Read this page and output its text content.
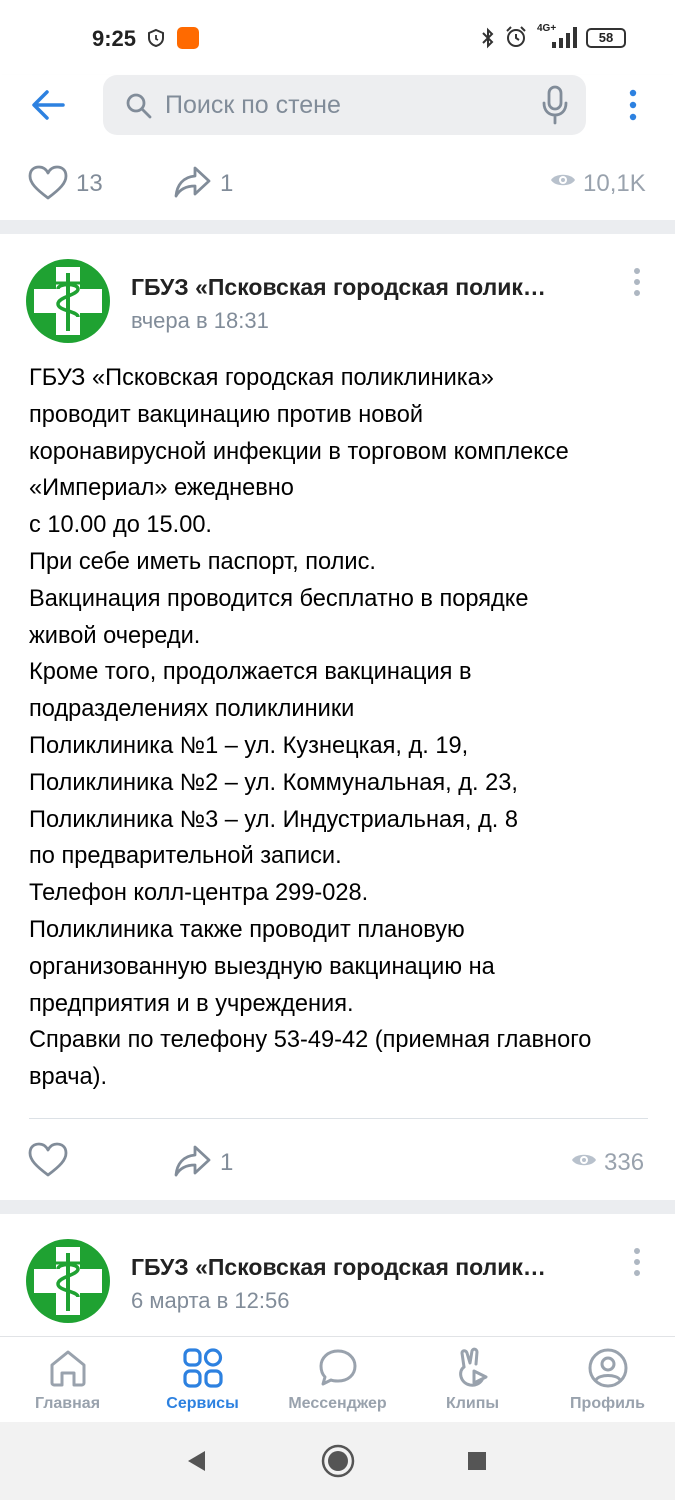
9:25	4G+
58
Поиск по стене
13	1	10,1K
ГБУЗ «Псковская городская полик…
вчера в 18:31
ГБУЗ «Псковская городская поликлиника»
проводит вакцинацию против новой
коронавирусной инфекции в торговом комплексе
«Империал» ежедневно
с 10.00 до 15.00.
При себе иметь паспорт, полис.
Вакцинация проводится бесплатно в порядке
живой очереди.
Кроме того, продолжается вакцинация в
подразделениях поликлиники
Поликлиника №1 – ул. Кузнецкая, д. 19,
Поликлиника №2 – ул. Коммунальная, д. 23,
Поликлиника №3 – ул. Индустриальная, д. 8
по предварительной записи.
Телефон колл-центра 299-028.
Поликлиника также проводит плановую
организованную выездную вакцинацию на
предприятия и в учреждения.
Справки по телефону 53-49-42 (приемная главного
врача).
1	336
ГБУЗ «Псковская городская полик…
6 марта в 12:56
Главная	Сервисы	Мессенджер	Клипы	Профиль
